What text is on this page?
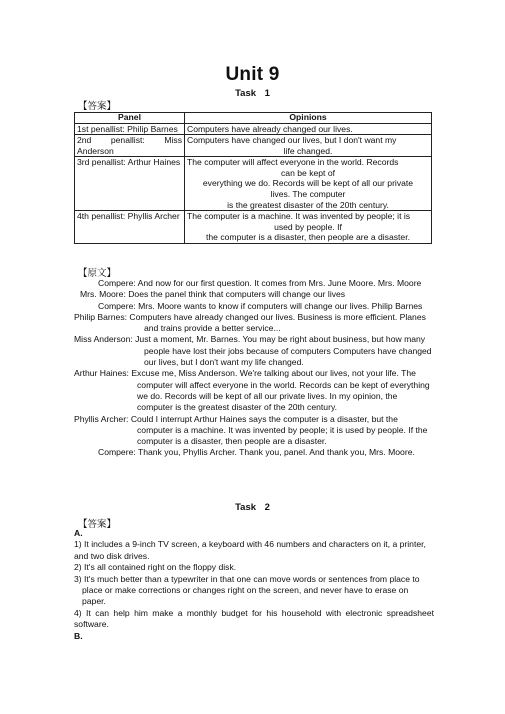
Unit 9
Task 1
【答案】
Panel	Opinions
1st penallist: Philip Barnes	Computers have already changed our lives.

2nd penallist: Miss Anderson	Computers have changed our lives, but I don't want my
life changed.

3rd penallist: Arthur Haines	The computer will affect everyone in the world. Records
can be kept of
everything we do. Records will be kept of all our private
lives. The computer
is the greatest disaster of the 20th century.

4th penallist: Phyllis Archer	The computer is a machine. It was invented by people; it is
used by people. If
the computer is a disaster, then people are a disaster.
【原文】

Compere: And now for our first question. It comes from Mrs. June Moore. Mrs. Moore

Mrs. Moore: Does the panel think that computers will change our lives

Compere: Mrs. Moore wants to know if computers will change our lives. Philip Barnes

Philip Barnes: Computers have already changed our lives. Business is more efficient. Planes and trains provide a better service...

Miss Anderson: Just a moment, Mr. Barnes. You may be right about business, but how many people have lost their jobs because of computers Computers have changed our lives, but I don't want my life changed.

Arthur Haines: Excuse me, Miss Anderson. We're talking about our lives, not your life. The computer will affect everyone in the world. Records can be kept of everything we do. Records will be kept of all our private lives. In my opinion, the computer is the greatest disaster of the 20th century.

Phyllis Archer: Could I interrupt Arthur Haines says the computer is a disaster, but the computer is a machine. It was invented by people; it is used by people. If the computer is a disaster, then people are a disaster.

Compere: Thank you, Phyllis Archer. Thank you, panel. And thank you, Mrs. Moore.

Task 2
【答案】

A.

1) It includes a 9-inch TV screen, a keyboard with 46 numbers and characters on it, a printer, and two disk drives.

2) It's all contained right on the floppy disk.

3) It's much better than a typewriter in that one can move words or sentences from place to place or make corrections or changes right on the screen, and never have to erase on paper.

4) It can help him make a monthly budget for his household with electronic spreadsheet software.

B.
